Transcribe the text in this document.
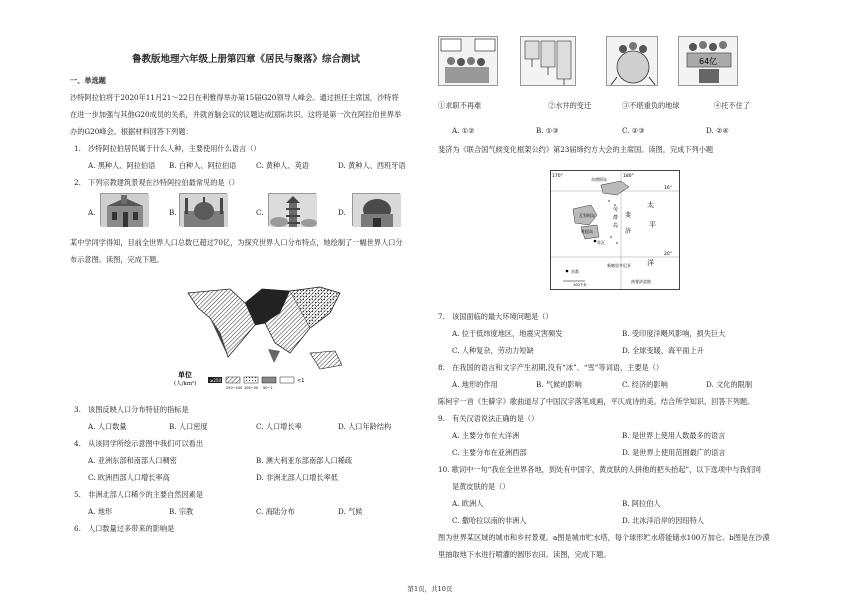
鲁教版地理六年级上册第四章《居民与聚落》综合测试
一、单选题
沙特阿拉伯将于2020年11月21～22日在利雅得举办第15届G20领导人峰会。通过担任主席国，沙特将
在进一步加强与其他G20成员的关系，并就首脑会议的议题达成国际共识。这将是第一次在阿拉伯世界举
办的G20峰会。根据材料回答下列题：
1.　沙特阿拉伯居民属于什么人种，主要使用什么语言（）
A. 黑种人、阿拉伯语 B. 白种人、阿拉伯语	C. 黄种人、英语	D. 黄种人、西班牙语
2.　下列宗教建筑景观在沙特阿拉伯最常见的是（）
A.	B.	C.	D.
某中学同学得知，目前全世界人口总数已超过70亿，为探究世界人口分布特点，她绘制了一幅世界人口分
布示意图。读图，完成下题。
单位
(人/km²)
≥250
250~100 100~50 50~1
<1
3.　该图反映人口分布特征的指标是
A. 人口数量	B. 人口密度	C. 人口增长率	D. 人口年龄结构
4.　从该同学所绘示意图中我们可以看出
A. 亚洲东部和南部人口稠密	B. 澳大利亚东部南部人口稀疏
C. 欧洲西部人口增长率高	D. 非洲北部人口增长率低
5.　非洲北部人口稀少的主要自然因素是
A. 地形	B. 宗教	C. 海陆分布	D. 气候
6.　人口数量过多带来的影响是
64亿
①求职不再难	②水井的变迁	③不堪重负的地球	④托不住了
A. ①②	B. ①③	C. ②③	D. ②④
斐济为《联合国气候变化框架公约》第23届缔约方大会的主席国。读图，完成下列小题
170°	180°
16°
20°
东增阿岛
瓦努阿岛
维提岛
苏瓦
太
平
洋
劳
群
岛
斐
济
新喀里多尼亚
南斐济盆地
首都
100千米
7.　该国面临的最大环境问题是（）
A. 位于低纬度地区，地震灾害频发	B. 受印度洋飓风影响，损失巨大
C. 人种复杂，劳动力短缺	D. 全球变暖，海平面上升
8.　在我国的语言和文字产生初期,没有“冰”、“雪”等词语，主要是（）
A. 地形的作用	B. 气候的影响	C. 经济的影响	D. 文化的限制
陈柯宇一首《生僻字》歌曲道尽了中国汉字落笔成画，平仄成诗的美。结合所学知识，回答下列题。
9.　有关汉语说法正确的是（）
A. 主要分布在大洋洲	B. 是世界上使用人数最多的语言
C. 主要分布在亚洲西部	D. 是世界上使用范围最广的语言
10. 歌词中一句“我在全世界各地，到处有中国字，黄皮肤的人拼他的把头抬起”，以下选项中与我们同
是黄皮肤的是（）
A. 欧洲人	B. 阿拉伯人
C. 撒哈拉以南的非洲人	D. 北冰洋沿岸的因纽特人
图为世界某区域的城市和乡村景观。a图是城市贮水塔，每个球形贮水塔能储水100万加仑。b图是在沙漠
里抽取地下水进行喷灌的圆形农田。读图，完成下题。
第1页，共10页
